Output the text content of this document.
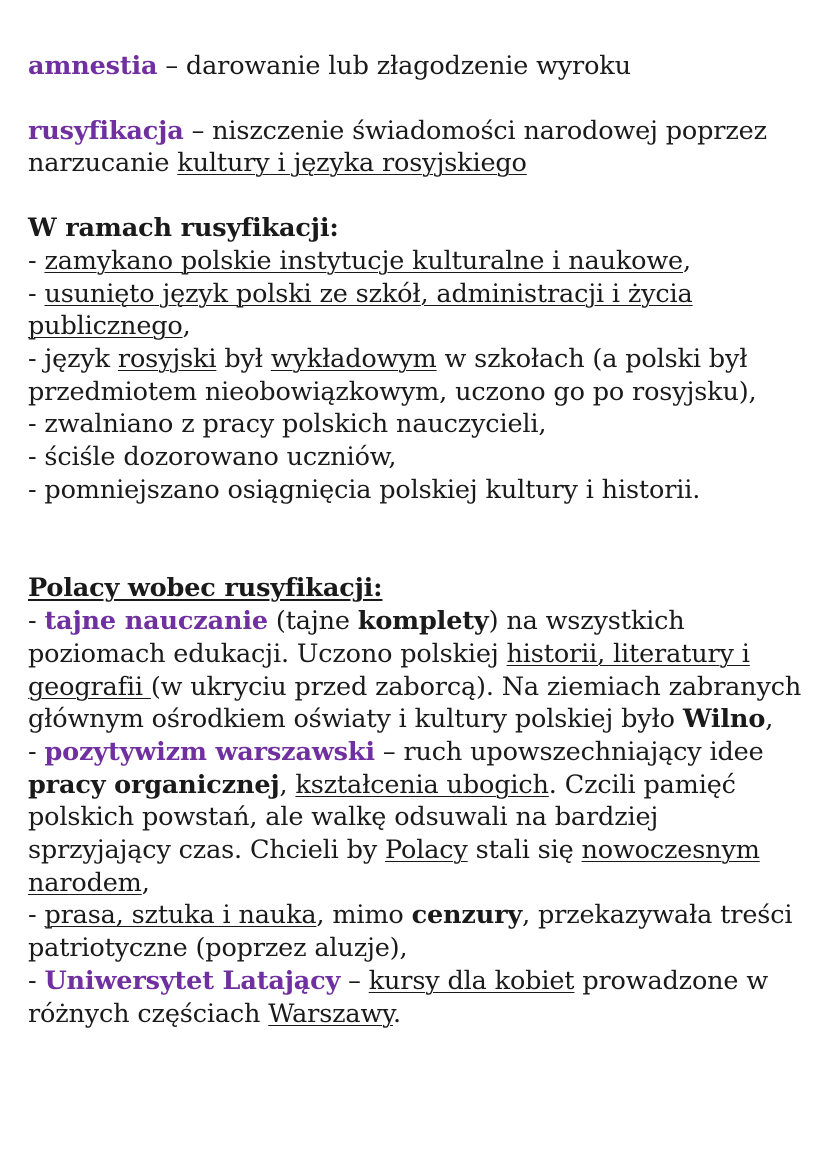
amnestia – darowanie lub złagodzenie wyroku

rusyfikacja – niszczenie świadomości narodowej poprzez narzucanie kultury i języka rosyjskiego

W ramach rusyfikacji:

- zamykano polskie instytucje kulturalne i naukowe,

- usunięto język polski ze szkół, administracji i życia publicznego,

- język rosyjski był wykładowym w szkołach (a polski był przedmiotem nieobowiązkowym, uczono go po rosyjsku),

- zwalniano z pracy polskich nauczycieli,

- ściśle dozorowano uczniów,

- pomniejszano osiągnięcia polskiej kultury i historii.

Polacy wobec rusyfikacji:

- tajne nauczanie (tajne komplety) na wszystkich poziomach edukacji. Uczono polskiej historii, literatury i geografii (w ukryciu przed zaborcą). Na ziemiach zabranych głównym ośrodkiem oświaty i kultury polskiej było Wilno,

- pozytywizm warszawski – ruch upowszechniający idee pracy organicznej, kształcenia ubogich. Czcili pamięć polskich powstań, ale walkę odsuwali na bardziej sprzyjający czas. Chcieli by Polacy stali się nowoczesnym narodem,

- prasa, sztuka i nauka, mimo cenzury, przekazywała treści patriotyczne (poprzez aluzje),

- Uniwersytet Latający – kursy dla kobiet prowadzone w różnych częściach Warszawy.
